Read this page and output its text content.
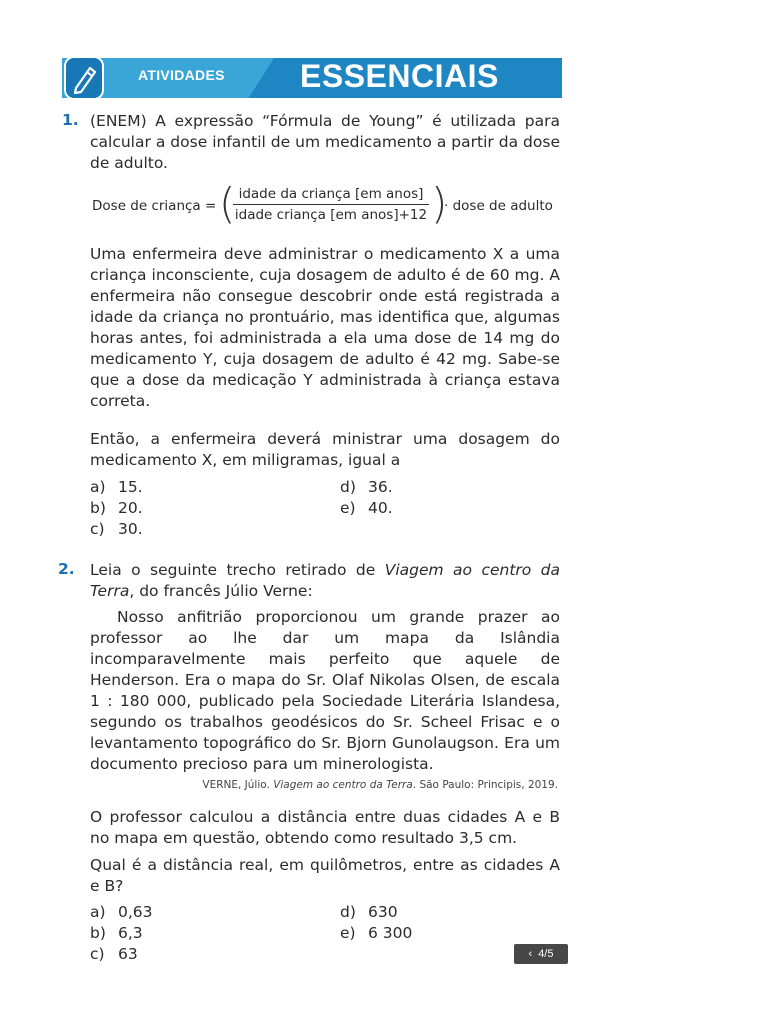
ATIVIDADES ESSENCIAIS
1. (ENEM) A expressão “Fórmula de Young” é utilizada para calcular a dose infantil de um medicamento a partir da dose de adulto.
Dose de criança = ( idade da criança [em anos]
idade criança [em anos]+12 )
· dose de adulto
Uma enfermeira deve administrar o medicamento X a uma criança inconsciente, cuja dosagem de adulto é de 60 mg. A enfermeira não consegue descobrir onde está registrada a idade da criança no prontuário, mas identifica que, algumas horas antes, foi administrada a ela uma dose de 14 mg do medicamento Y, cuja dosagem de adulto é 42 mg. Sabe-se que a dose da medicação Y administrada à criança estava correta.
Então, a enfermeira deverá ministrar uma dosagem do medicamento X, em miligramas, igual a
a) 15.
b) 20.
c) 30.
d) 36.
e) 40.
2. Leia o seguinte trecho retirado de Viagem ao centro da Terra, do francês Júlio Verne:
Nosso anfitrião proporcionou um grande prazer ao professor ao lhe dar um mapa da Islândia incomparavelmente mais perfeito que aquele de Henderson. Era o mapa do Sr. Olaf Nikolas Olsen, de escala 1 : 180 000, publicado pela Sociedade Literária Islandesa, segundo os trabalhos geodésicos do Sr. Scheel Frisac e o levantamento topográfico do Sr. Bjorn Gunolaugson. Era um documento precioso para um minerologista.
VERNE, Júlio. Viagem ao centro da Terra. São Paulo: Principis, 2019.
O professor calculou a distância entre duas cidades A e B no mapa em questão, obtendo como resultado 3,5 cm.
Qual é a distância real, em quilômetros, entre as cidades A e B?
a) 0,63
b) 6,3
c) 63
d) 630
e) 6 300
‹ 4/5
